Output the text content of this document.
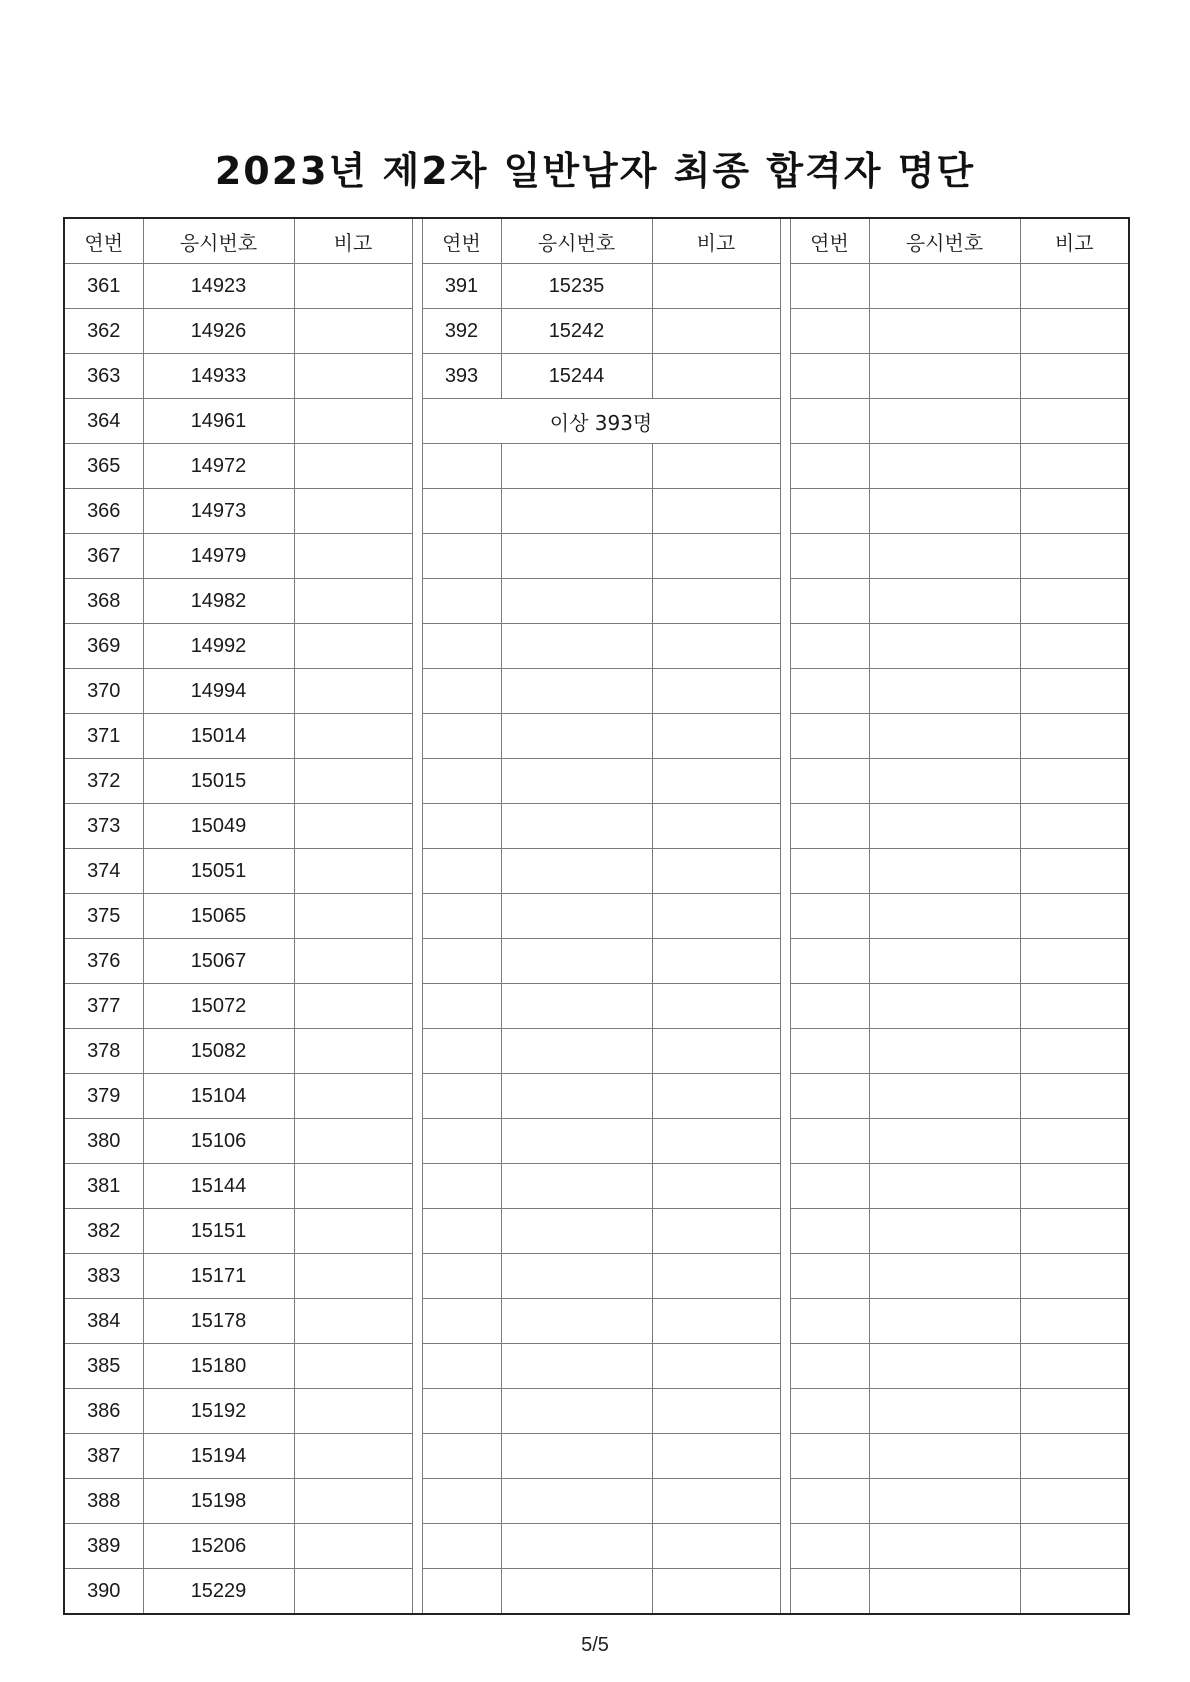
2023년 제2차 일반남자 최종 합격자 명단
연번	응시번호	비고		연번	응시번호	비고		연번	응시번호	비고
361	14923			391	15235					
362	14926			392	15242					
363	14933			393	15244					
364	14961			이상 393명						
365	14972									
366	14973									
367	14979									
368	14982									
369	14992									
370	14994									
371	15014									
372	15015									
373	15049									
374	15051									
375	15065									
376	15067									
377	15072									
378	15082									
379	15104									
380	15106									
381	15144									
382	15151									
383	15171									
384	15178									
385	15180									
386	15192									
387	15194									
388	15198									
389	15206									
390	15229									
5/5
